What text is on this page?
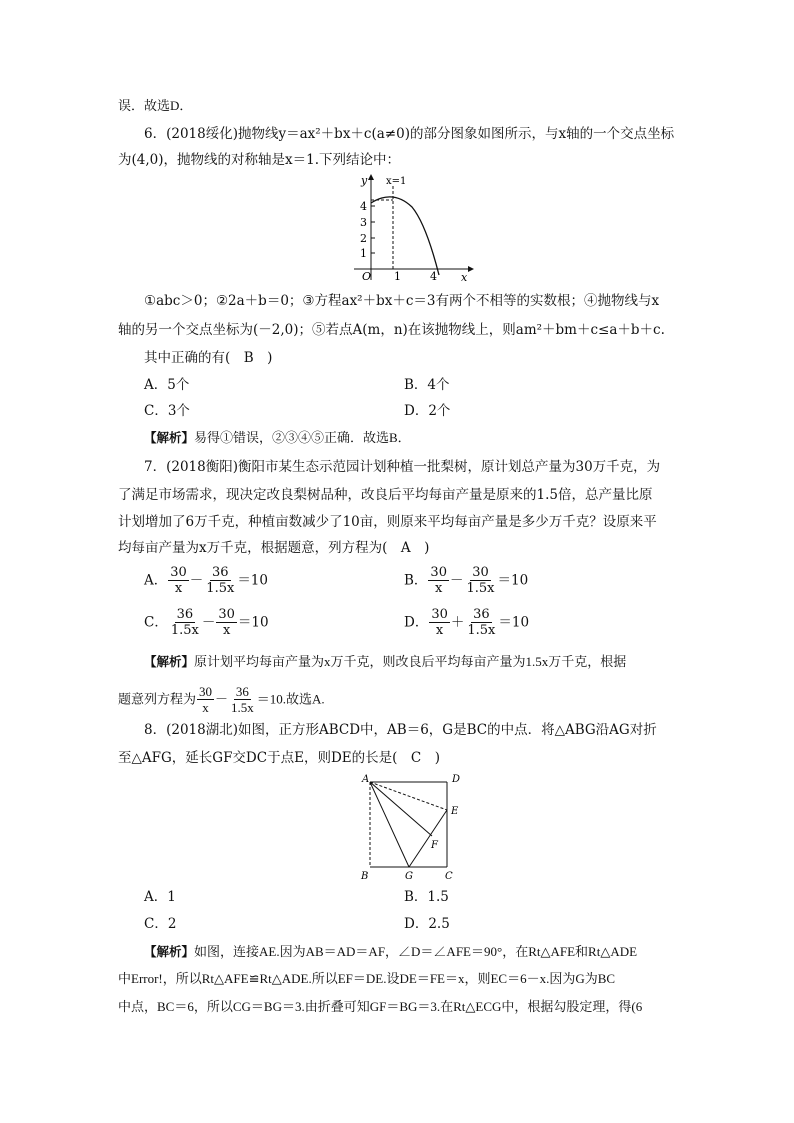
误．故选D．
6．(2018绥化)抛物线y＝ax²＋bx＋c(a≠0)的部分图象如图所示，与x轴的一个交点坐标
为(4,0)，抛物线的对称轴是x＝1.下列结论中：
y
x
x=1
O
4
3
2
1
1	4
①abc＞0；②2a＋b＝0；③方程ax²＋bx＋c＝3有两个不相等的实数根；④抛物线与x
轴的另一个交点坐标为(－2,0)；⑤若点A(m，n)在该抛物线上，则am²＋bm＋c≤a＋b＋c.
其中正确的有(　B　)
A．5个	B．4个
C．3个	D．2个
【解析】易得①错误，②③④⑤正确．故选B．
7．(2018衡阳)衡阳市某生态示范园计划种植一批梨树，原计划总产量为30万千克，为
了满足市场需求，现决定改良梨树品种，改良后平均每亩产量是原来的1.5倍，总产量比原
计划增加了6万千克，种植亩数减少了10亩，则原来平均每亩产量是多少万千克？设原来平
均每亩产量为x万千克，根据题意，列方程为(　A　)
A． $\frac{30}{x} - \frac{36}{1.5x} =10$	B． $\frac{30}{x} - \frac{30}{1.5x} =10$
C． $\frac{36}{1.5x} - \frac{30}{x} =10$	D． $\frac{30}{x} + \frac{36}{1.5x} =10$
【解析】原计划平均每亩产量为x万千克，则改良后平均每亩产量为1.5x万千克，根据
题意列方程为 $\frac{30}{x} - \frac{36}{1.5x} =10$.故选A.
8．(2018湖北)如图，正方形ABCD中，AB＝6，G是BC的中点．将△ABG沿AG对折
至△AFG，延长GF交DC于点E，则DE的长是(　C　)
A	D
E
F
B	G	C
A．1	B．1.5
C．2	D．2.5
【解析】如图，连接AE.因为AB＝AD＝AF，∠D＝∠AFE＝90°，在Rt△AFE和Rt△ADE
中Error!，所以Rt△AFE≌Rt△ADE.所以EF＝DE.设DE＝FE＝x，则EC＝6－x.因为G为BC
中点，BC＝6，所以CG＝BG＝3.由折叠可知GF＝BG＝3.在Rt△ECG中，根据勾股定理，得(6
